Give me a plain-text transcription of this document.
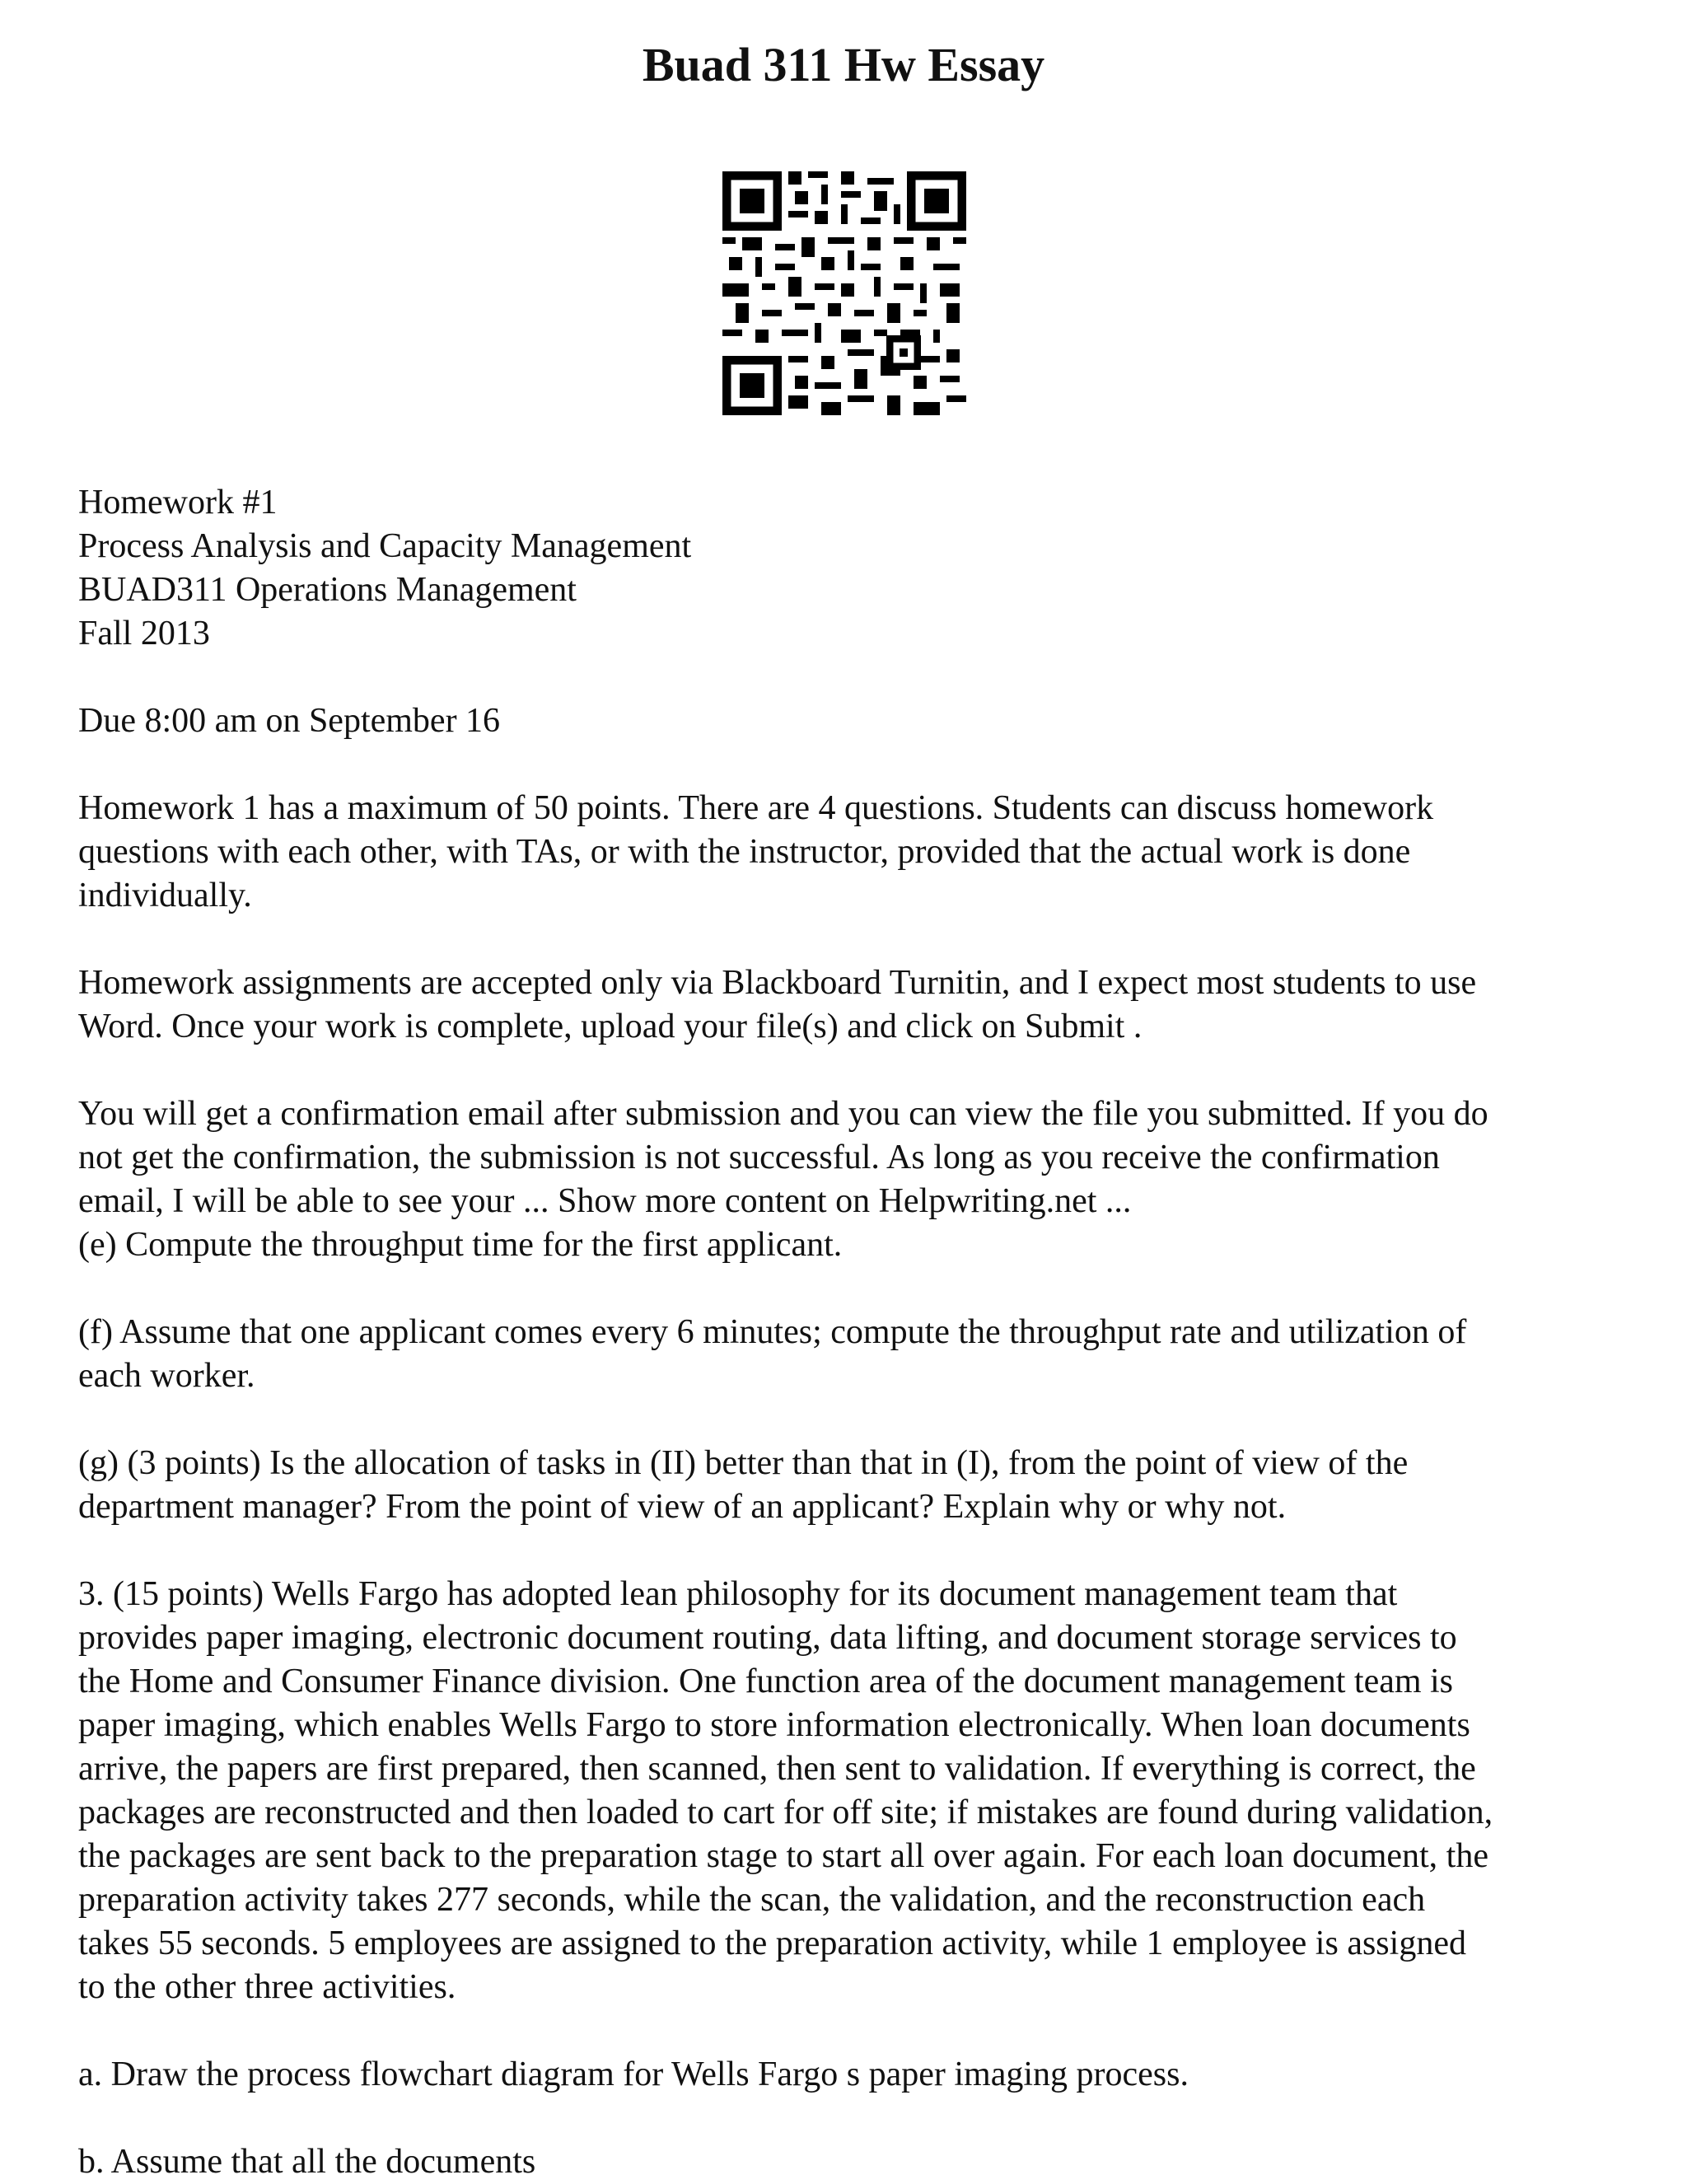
Buad 311 Hw Essay

Homework #1
Process Analysis and Capacity Management
BUAD311 Operations Management
Fall 2013

Due 8:00 am on September 16

Homework 1 has a maximum of 50 points. There are 4 questions. Students can discuss homework
questions with each other, with TAs, or with the instructor, provided that the actual work is done
individually.

Homework assignments are accepted only via Blackboard Turnitin, and I expect most students to use
Word. Once your work is complete, upload your file(s) and click on Submit .

You will get a confirmation email after submission and you can view the file you submitted. If you do
not get the confirmation, the submission is not successful. As long as you receive the confirmation
email, I will be able to see your ... Show more content on Helpwriting.net ...
(e) Compute the throughput time for the first applicant.

(f) Assume that one applicant comes every 6 minutes; compute the throughput rate and utilization of
each worker.

(g) (3 points) Is the allocation of tasks in (II) better than that in (I), from the point of view of the
department manager? From the point of view of an applicant? Explain why or why not.

3. (15 points) Wells Fargo has adopted lean philosophy for its document management team that
provides paper imaging, electronic document routing, data lifting, and document storage services to
the Home and Consumer Finance division. One function area of the document management team is
paper imaging, which enables Wells Fargo to store information electronically. When loan documents
arrive, the papers are first prepared, then scanned, then sent to validation. If everything is correct, the
packages are reconstructed and then loaded to cart for off site; if mistakes are found during validation,
the packages are sent back to the preparation stage to start all over again. For each loan document, the
preparation activity takes 277 seconds, while the scan, the validation, and the reconstruction each
takes 55 seconds. 5 employees are assigned to the preparation activity, while 1 employee is assigned
to the other three activities.

a. Draw the process flowchart diagram for Wells Fargo s paper imaging process.

b. Assume that all the documents
